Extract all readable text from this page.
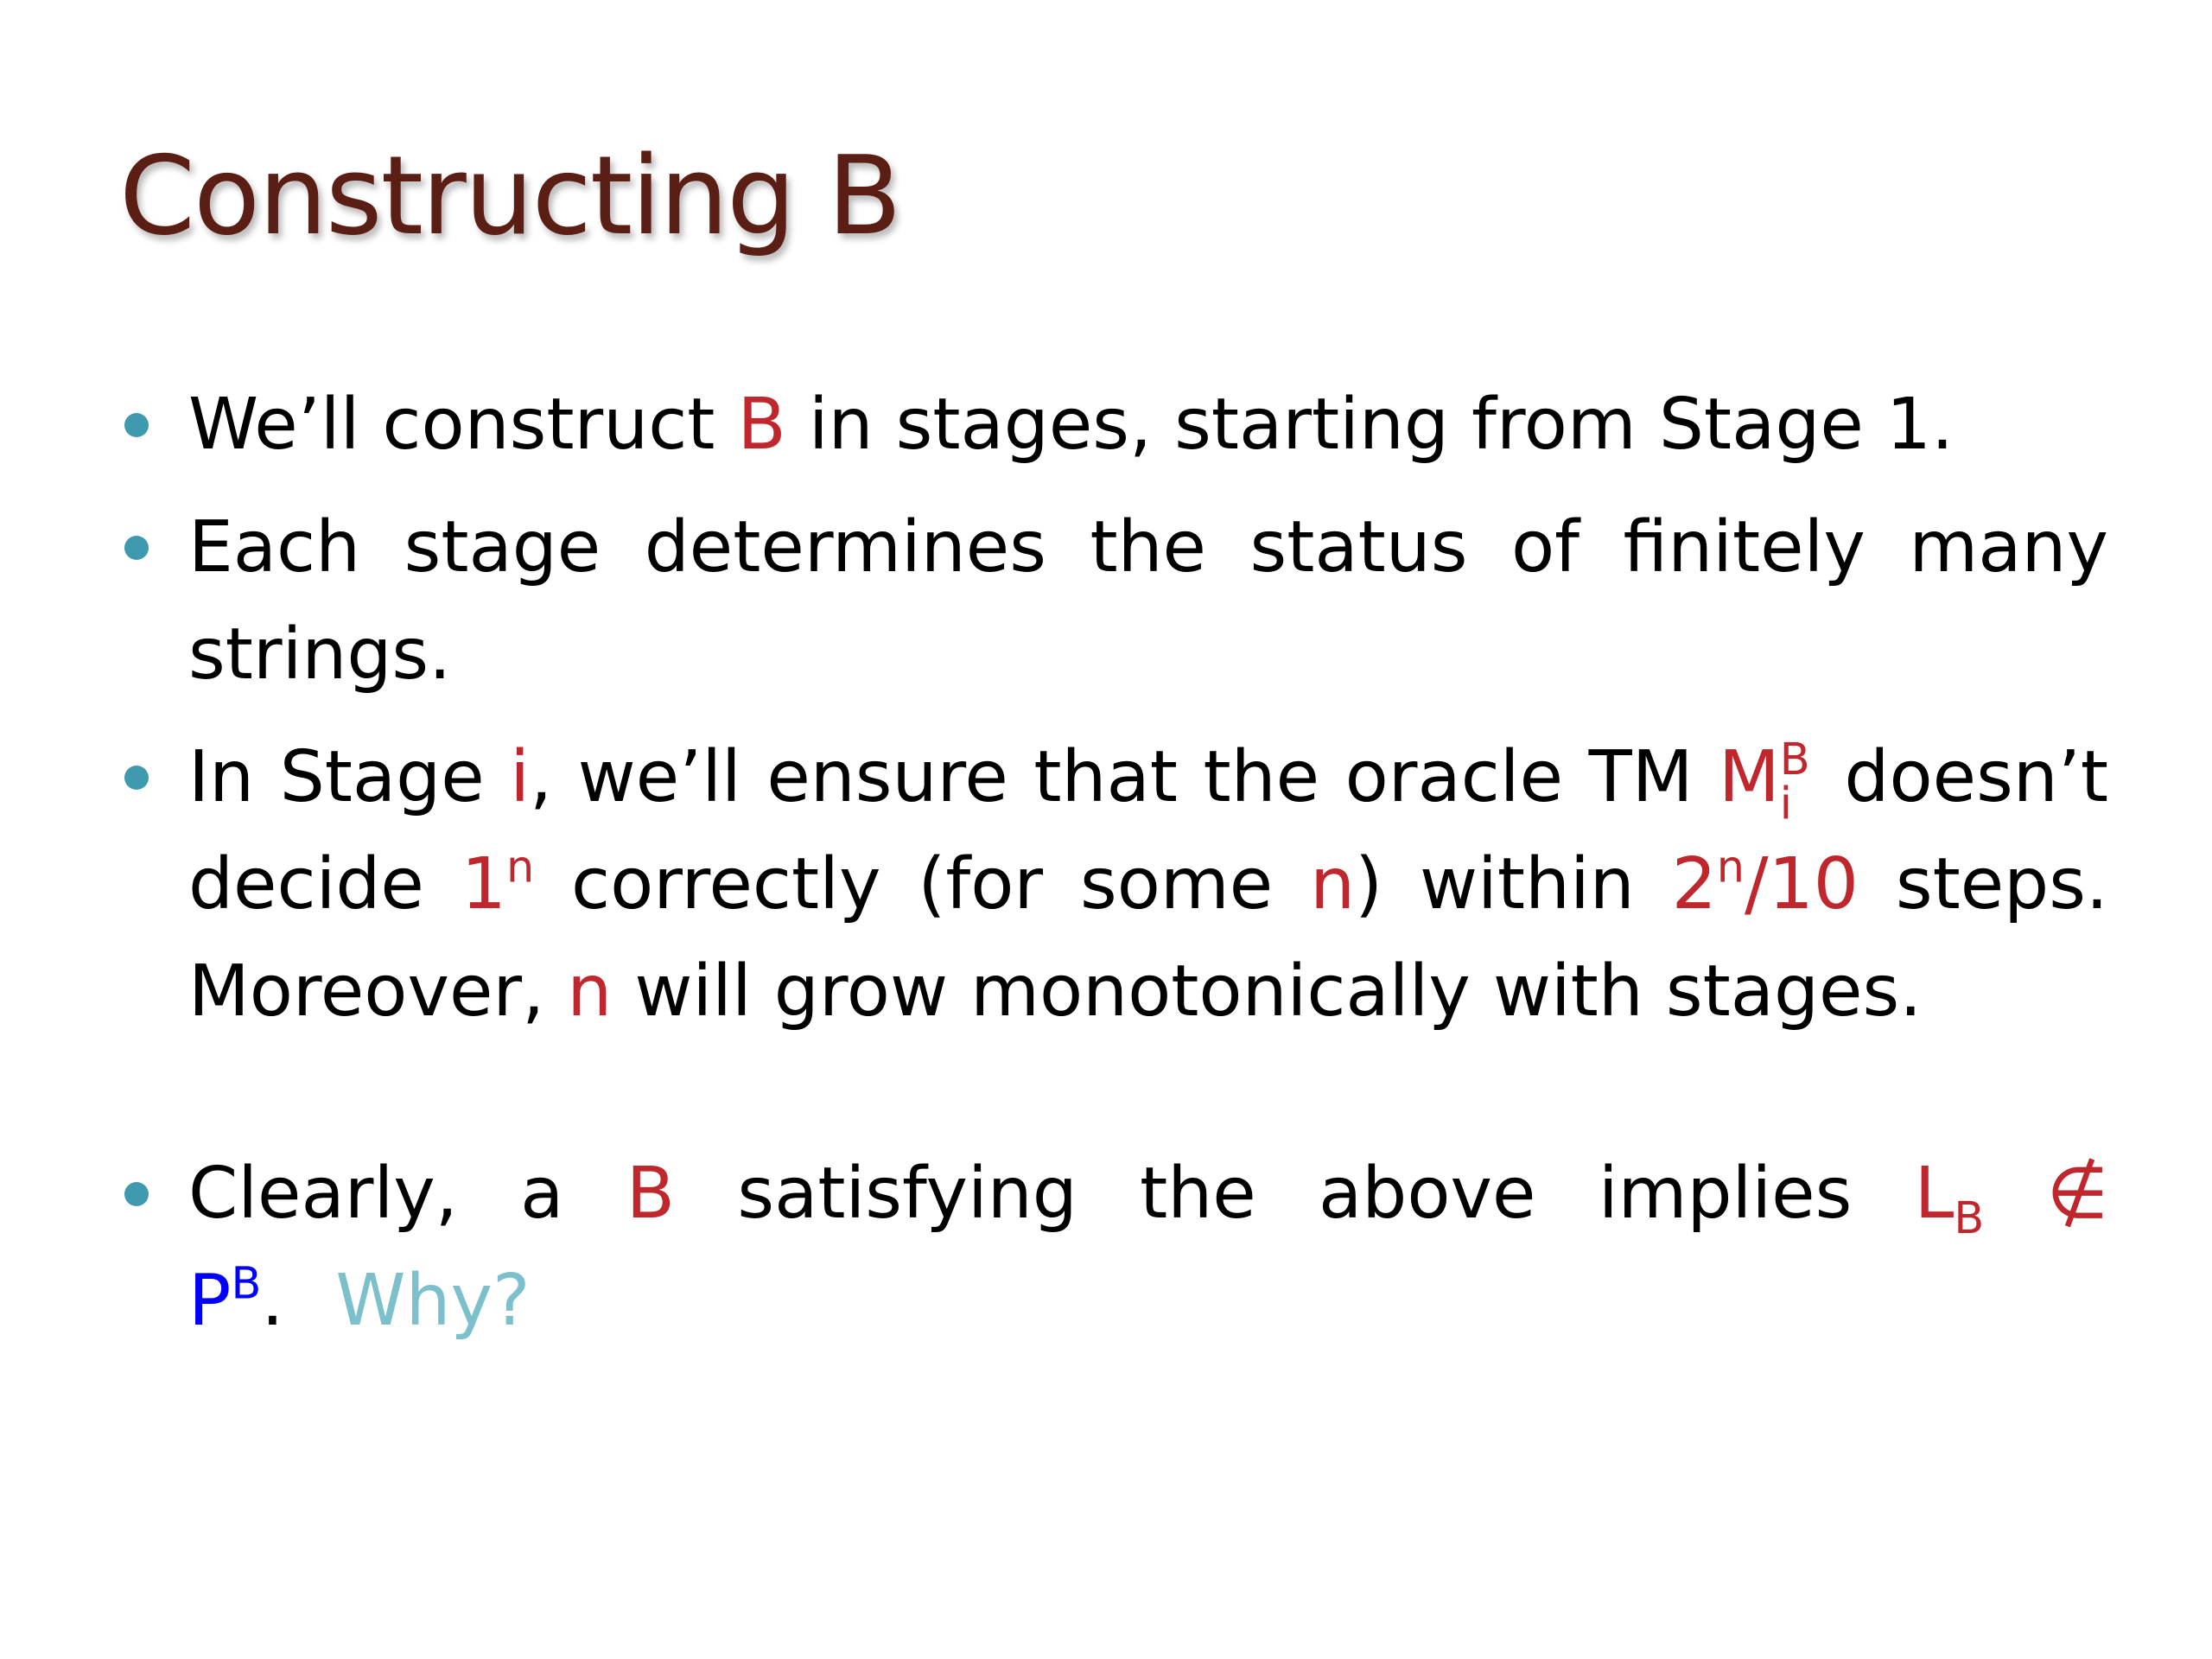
Constructing B
We’ll construct B in stages, starting from Stage 1.
Each stage determines the status of finitely many strings.
In Stage i, we’ll ensure that the oracle TM M B
i doesn’t decide 1$^n$ correctly (for some n) within 2$^n$/10 steps. Moreover, n will grow monotonically with stages.
Clearly, a B satisfying the above implies $L_B$ ∉ $P^B$. Why?
